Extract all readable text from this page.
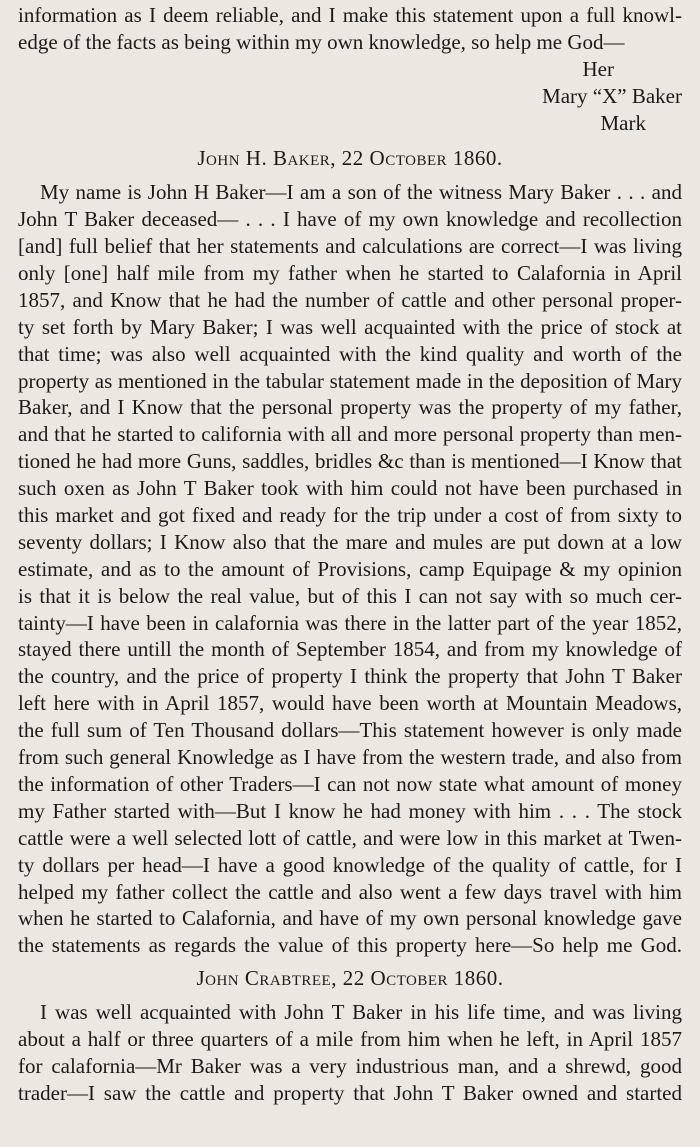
information as I deem reliable, and I make this statement upon a full knowl-
edge of the facts as being within my own knowledge, so help me God—
Her
Mary “X” Baker
Mark
John H. Baker, 22 October 1860.
My name is John H Baker—I am a son of the witness Mary Baker . . . and
John T Baker deceased— . . . I have of my own knowledge and recollection
[and] full belief that her statements and calculations are correct—I was living
only [one] half mile from my father when he started to Calafornia in April
1857, and Know that he had the number of cattle and other personal proper-
ty set forth by Mary Baker; I was well acquainted with the price of stock at
that time; was also well acquainted with the kind quality and worth of the
property as mentioned in the tabular statement made in the deposition of Mary
Baker, and I Know that the personal property was the property of my father,
and that he started to california with all and more personal property than men-
tioned he had more Guns, saddles, bridles &c than is mentioned—I Know that
such oxen as John T Baker took with him could not have been purchased in
this market and got fixed and ready for the trip under a cost of from sixty to
seventy dollars; I Know also that the mare and mules are put down at a low
estimate, and as to the amount of Provisions, camp Equipage & my opinion
is that it is below the real value, but of this I can not say with so much cer-
tainty—I have been in calafornia was there in the latter part of the year 1852,
stayed there untill the month of September 1854, and from my knowledge of
the country, and the price of property I think the property that John T Baker
left here with in April 1857, would have been worth at Mountain Meadows,
the full sum of Ten Thousand dollars—This statement however is only made
from such general Knowledge as I have from the western trade, and also from
the information of other Traders—I can not now state what amount of money
my Father started with—But I know he had money with him . . . The stock
cattle were a well selected lott of cattle, and were low in this market at Twen-
ty dollars per head—I have a good knowledge of the quality of cattle, for I
helped my father collect the cattle and also went a few days travel with him
when he started to Calafornia, and have of my own personal knowledge gave
the statements as regards the value of this property here—So help me God.
John Crabtree, 22 October 1860.
I was well acquainted with John T Baker in his life time, and was living
about a half or three quarters of a mile from him when he left, in April 1857
for calafornia—Mr Baker was a very industrious man, and a shrewd, good
trader—I saw the cattle and property that John T Baker owned and started
